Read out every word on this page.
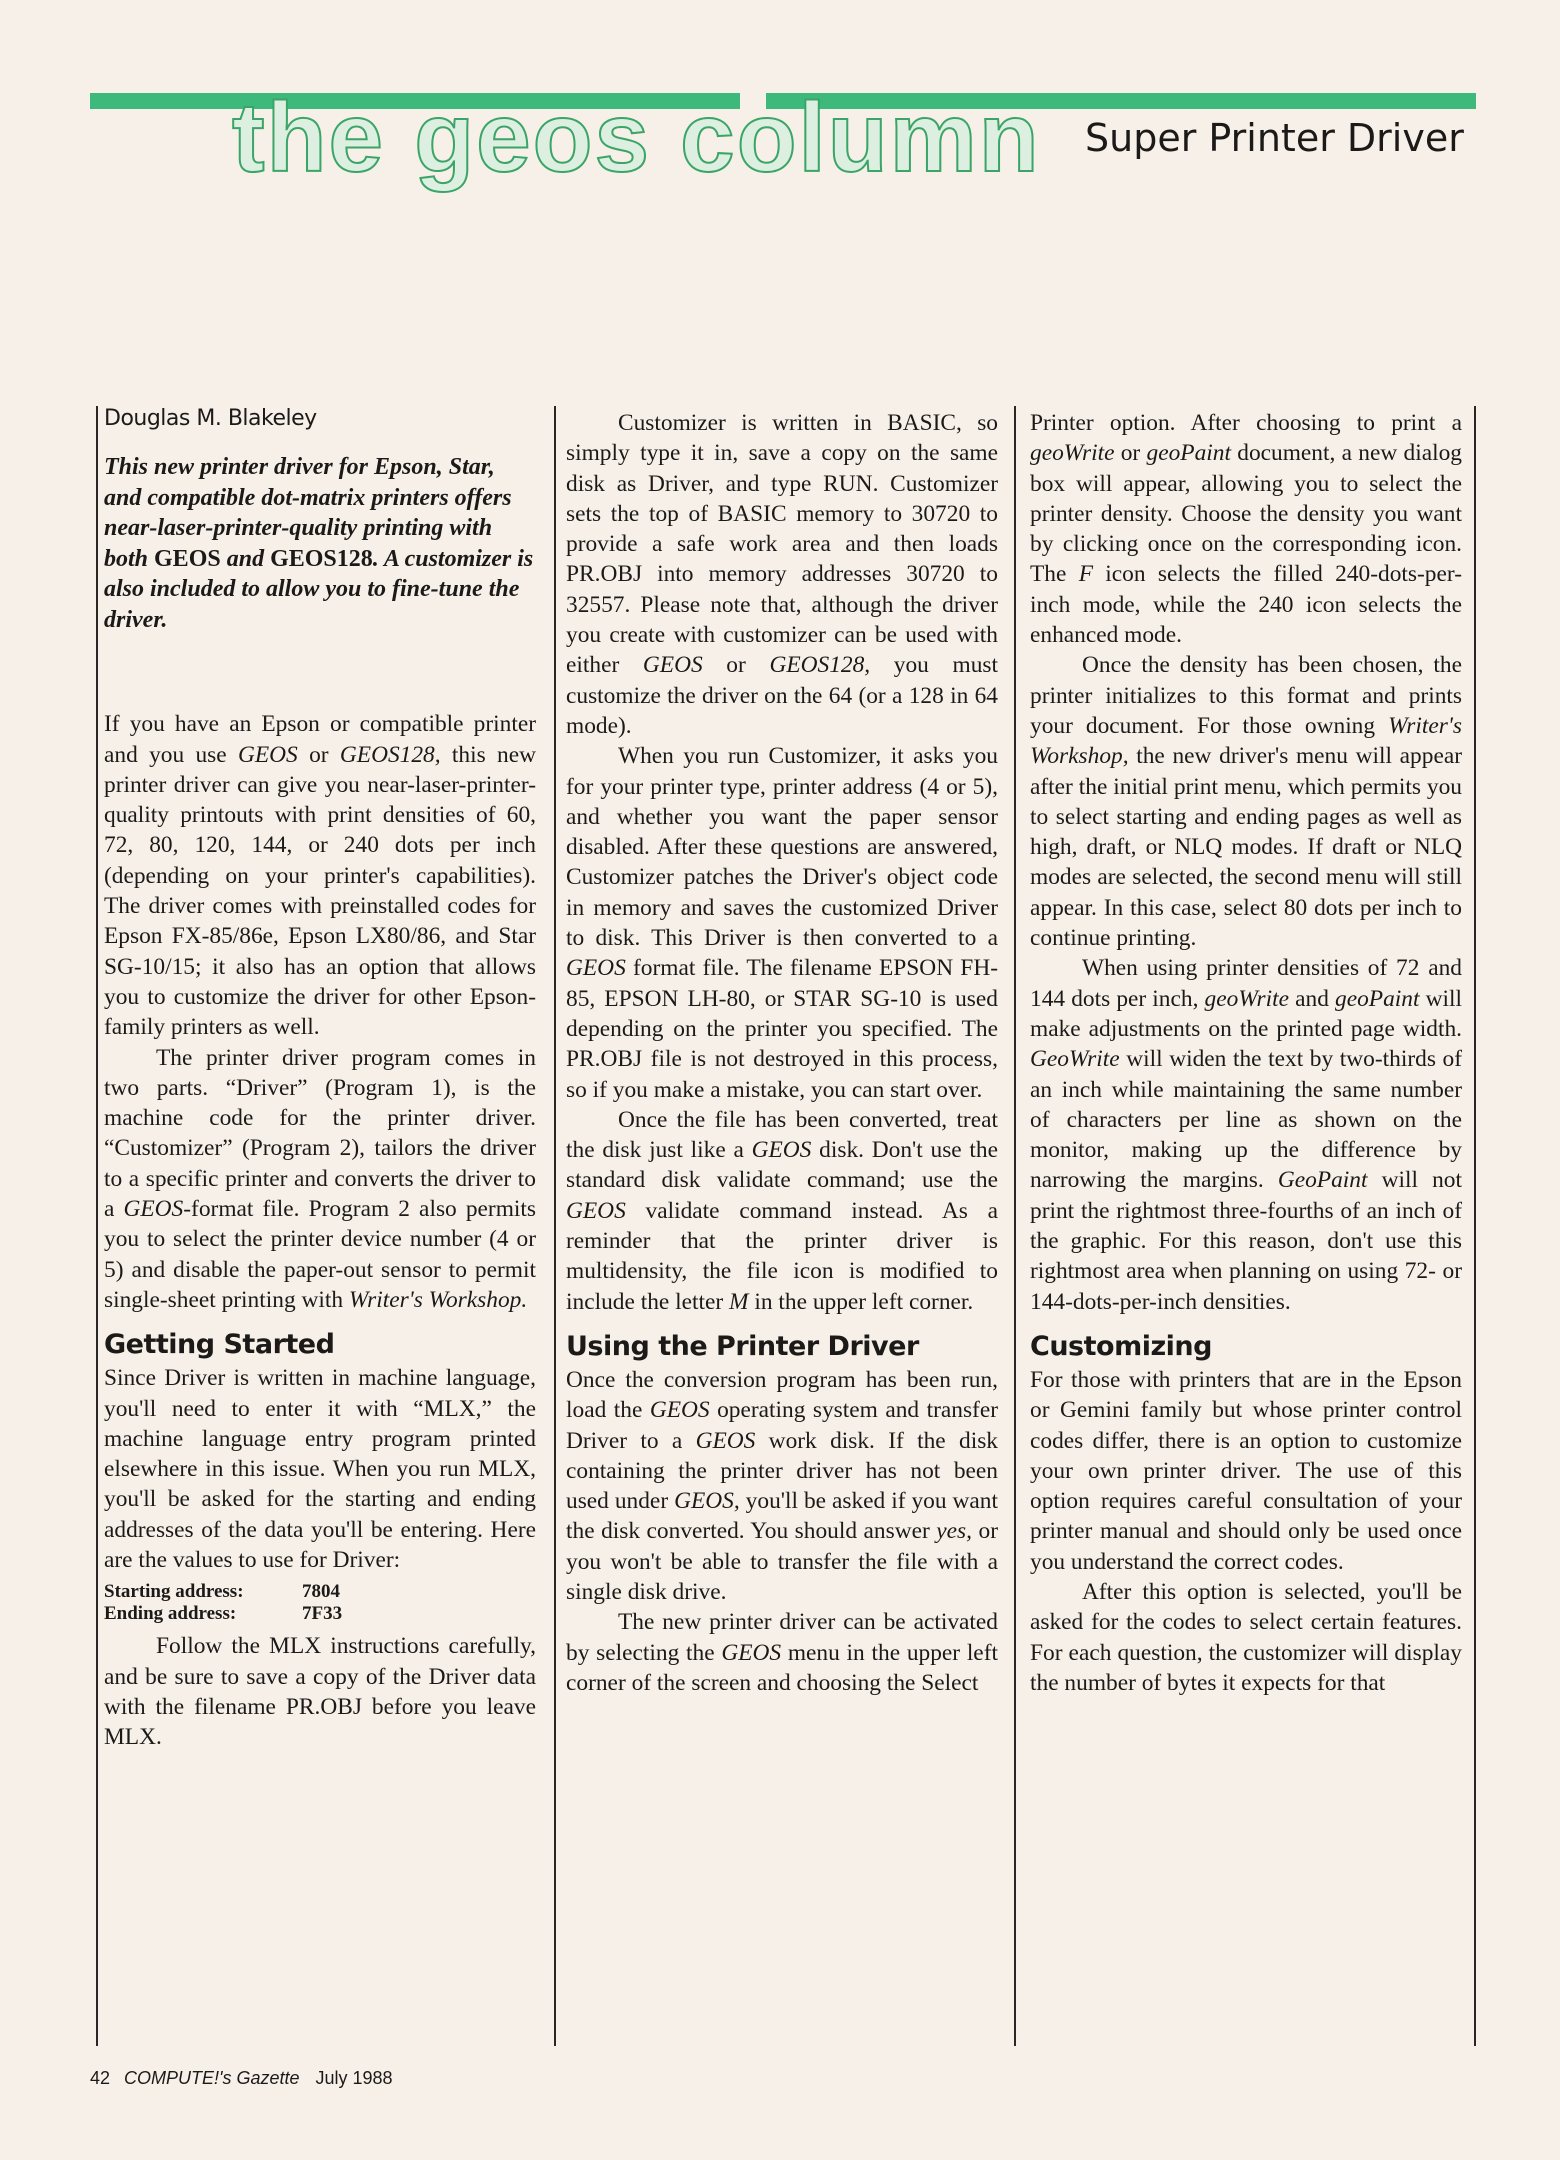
the geos column Super Printer Driver
Douglas M. Blakeley

This new printer driver for Epson, Star, and compatible dot-matrix printers offers near-laser-printer-quality printing with both GEOS and GEOS128. A customizer is also included to allow you to fine-tune the driver.

If you have an Epson or compatible printer and you use GEOS or GEOS128, this new printer driver can give you near-laser-printer-quality printouts with print densities of 60, 72, 80, 120, 144, or 240 dots per inch (depending on your printer's capabilities). The driver comes with preinstalled codes for Epson FX-85/86e, Epson LX80/86, and Star SG-10/15; it also has an option that allows you to customize the driver for other Epson-family printers as well.

The printer driver program comes in two parts. “Driver” (Program 1), is the machine code for the printer driver. “Customizer” (Program 2), tailors the driver to a specific printer and converts the driver to a GEOS-format file. Program 2 also permits you to select the printer device number (4 or 5) and disable the paper-out sensor to permit single-sheet printing with Writer's Workshop.

Getting Started

Since Driver is written in machine language, you'll need to enter it with “MLX,” the machine language entry program printed elsewhere in this issue. When you run MLX, you'll be asked for the starting and ending addresses of the data you'll be entering. Here are the values to use for Driver:

Starting address:	7804
Ending address:	7F33

Follow the MLX instructions carefully, and be sure to save a copy of the Driver data with the filename PR.OBJ before you leave MLX.

Customizer is written in BASIC, so simply type it in, save a copy on the same disk as Driver, and type RUN. Customizer sets the top of BASIC memory to 30720 to provide a safe work area and then loads PR.OBJ into memory addresses 30720 to 32557. Please note that, although the driver you create with customizer can be used with either GEOS or GEOS128, you must customize the driver on the 64 (or a 128 in 64 mode).

When you run Customizer, it asks you for your printer type, printer address (4 or 5), and whether you want the paper sensor disabled. After these questions are answered, Customizer patches the Driver's object code in memory and saves the customized Driver to disk. This Driver is then converted to a GEOS format file. The filename EPSON FH-85, EPSON LH-80, or STAR SG-10 is used depending on the printer you specified. The PR.OBJ file is not destroyed in this process, so if you make a mistake, you can start over.

Once the file has been converted, treat the disk just like a GEOS disk. Don't use the standard disk validate command; use the GEOS validate command instead. As a reminder that the printer driver is multidensity, the file icon is modified to include the letter M in the upper left corner.

Using the Printer Driver

Once the conversion program has been run, load the GEOS operating system and transfer Driver to a GEOS work disk. If the disk containing the printer driver has not been used under GEOS, you'll be asked if you want the disk converted. You should answer yes, or you won't be able to transfer the file with a single disk drive.

The new printer driver can be activated by selecting the GEOS menu in the upper left corner of the screen and choosing the Select

Printer option. After choosing to print a geoWrite or geoPaint document, a new dialog box will appear, allowing you to select the printer density. Choose the density you want by clicking once on the corresponding icon. The F icon selects the filled 240-dots-per-inch mode, while the 240 icon selects the enhanced mode.

Once the density has been chosen, the printer initializes to this format and prints your document. For those owning Writer's Workshop, the new driver's menu will appear after the initial print menu, which permits you to select starting and ending pages as well as high, draft, or NLQ modes. If draft or NLQ modes are selected, the second menu will still appear. In this case, select 80 dots per inch to continue printing.

When using printer densities of 72 and 144 dots per inch, geoWrite and geoPaint will make adjustments on the printed page width. GeoWrite will widen the text by two-thirds of an inch while maintaining the same number of characters per line as shown on the monitor, making up the difference by narrowing the margins. GeoPaint will not print the rightmost three-fourths of an inch of the graphic. For this reason, don't use this rightmost area when planning on using 72- or 144-dots-per-inch densities.

Customizing

For those with printers that are in the Epson or Gemini family but whose printer control codes differ, there is an option to customize your own printer driver. The use of this option requires careful consultation of your printer manual and should only be used once you understand the correct codes.

After this option is selected, you'll be asked for the codes to select certain features. For each question, the customizer will display the number of bytes it expects for that

42 COMPUTE!'s Gazette July 1988
